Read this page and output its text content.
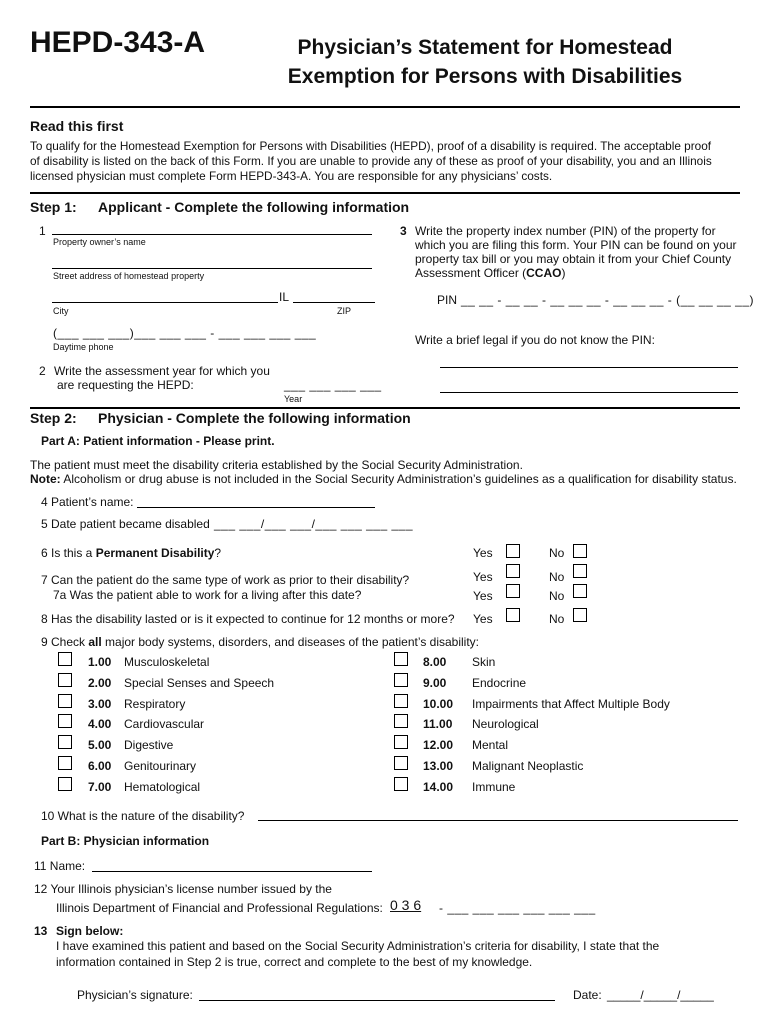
HEPD-343-A	Physician’s Statement for Homestead
Exemption for Persons with Disabilities
Read this first
To qualify for the Homestead Exemption for Persons with Disabilities (HEPD), proof of a disability is required. The acceptable proof
of disability is listed on the back of this Form. If you are unable to provide any of these as proof of your disability, you and an Illinois
licensed physician must complete Form HEPD-343-A. You are responsible for any physicians’ costs.
Step 1: Applicant - Complete the following information
1
Property owner’s name
Street address of homestead property
IL
City	ZIP
(___ ___ ___)___ ___ ___ - ___ ___ ___ ___
Daytime phone
2 Write the assessment year for which you
are requesting the HEPD:	___ ___ ___ ___
Year
3 Write the property index number (PIN) of the property for
which you are filing this form. Your PIN can be found on your
property tax bill or you may obtain it from your Chief County
Assessment Officer (CCAO)
PIN __ __ - __ __ - __ __ __ - __ __ __ - (__ __ __ __)
Write a brief legal if you do not know the PIN:
Step 2: Physician - Complete the following information
Part A: Patient information - Please print.
The patient must meet the disability criteria established by the Social Security Administration.
Note: Alcoholism or drug abuse is not included in the Social Security Administration’s guidelines as a qualification for disability status.
4 Patient’s name:
5 Date patient became disabled ___ ___/___ ___/___ ___ ___ ___
6 Is this a Permanent Disability?	Yes	No
7 Can the patient do the same type of work as prior to their disability?	Yes	No
7a Was the patient able to work for a living after this date?	Yes	No
8 Has the disability lasted or is it expected to continue for 12 months or more? Yes	No
9 Check all major body systems, disorders, and diseases of the patient’s disability:
1.00 Musculoskeletal
2.00 Special Senses and Speech
3.00 Respiratory
4.00 Cardiovascular
5.00 Digestive
6.00 Genitourinary
7.00 Hematological
8.00 Skin
9.00 Endocrine
10.00 Impairments that Affect Multiple Body
11.00 Neurological
12.00 Mental
13.00 Malignant Neoplastic
14.00 Immune
10 What is the nature of the disability?
Part B: Physician information
11 Name:
12 Your Illinois physician’s license number issued by the
Illinois Department of Financial and Professional Regulations: 0 3 6 - ___ ___ ___ ___ ___ ___
13 Sign below:
I have examined this patient and based on the Social Security Administration’s criteria for disability, I state that the
information contained in Step 2 is true, correct and complete to the best of my knowledge.
Physician’s signature:	Date: _____/_____/_____
